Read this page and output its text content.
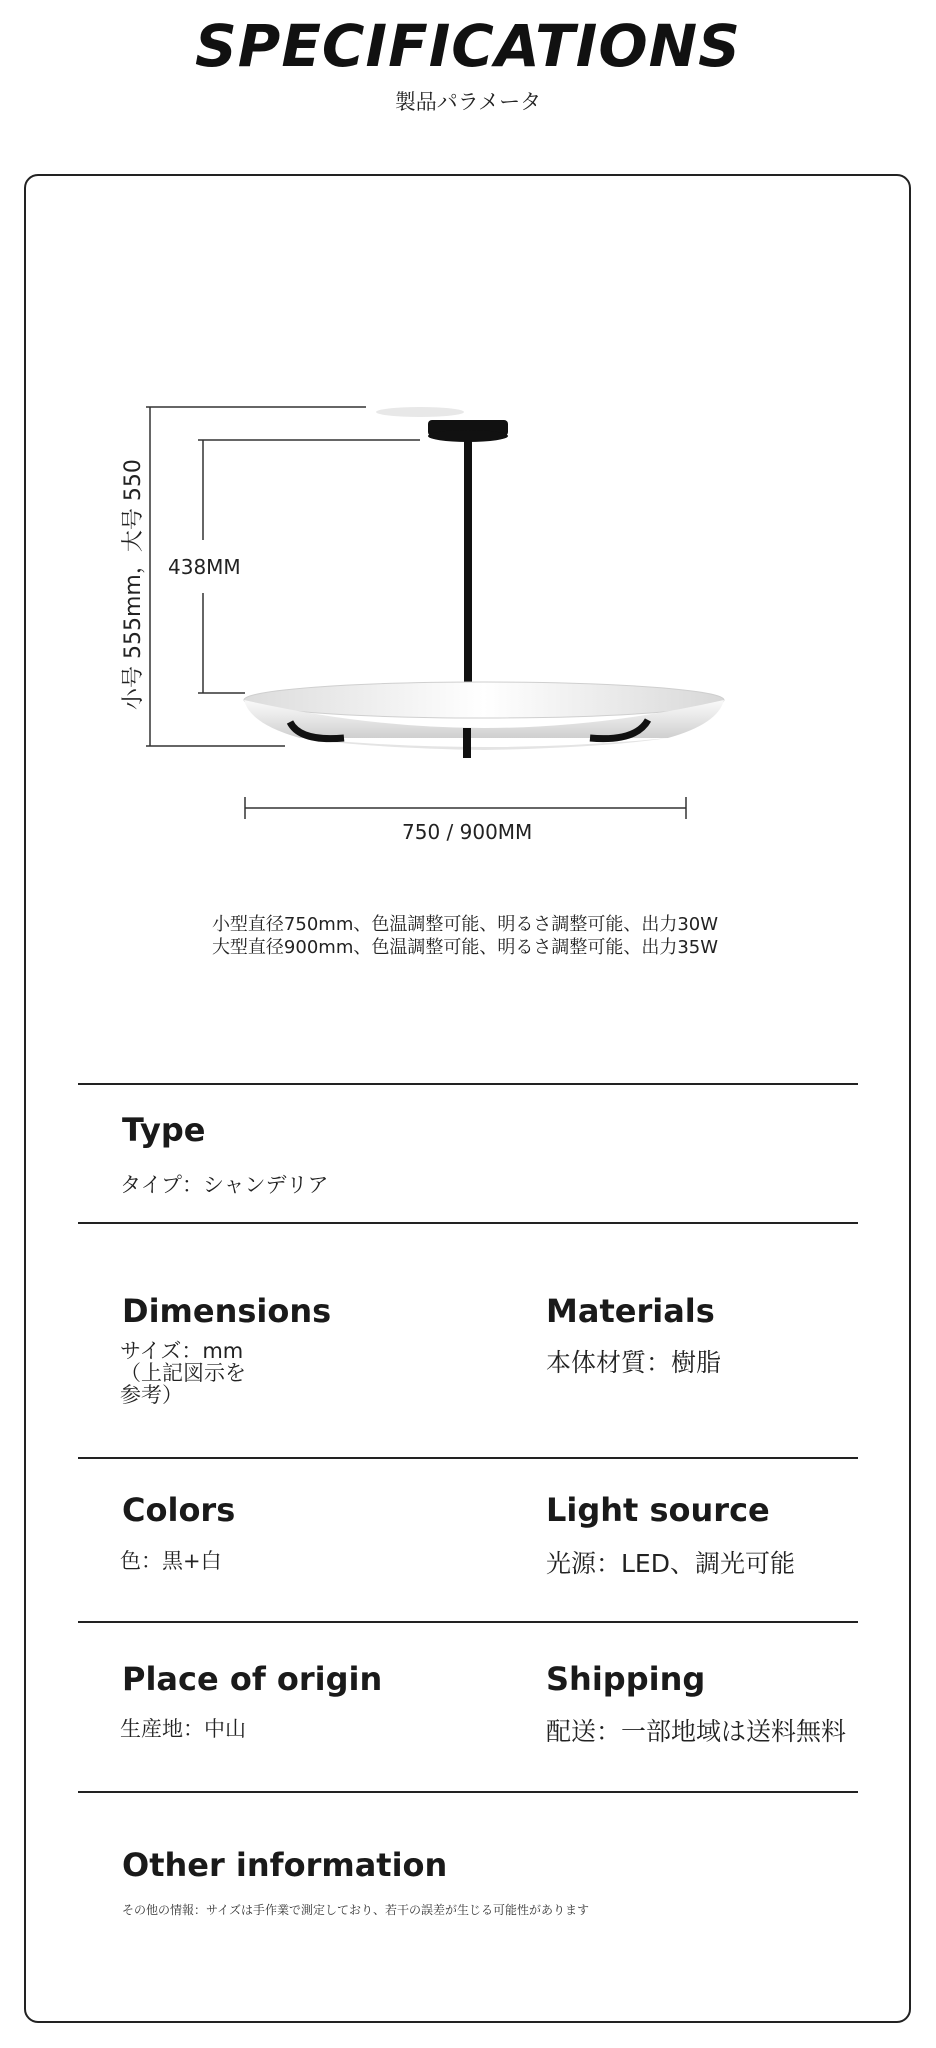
SPECIFICATIONS
製品パラメータ
438MM
750 / 900MM
小号 555mm，大号 550
小型直径750mm、色温調整可能、明るさ調整可能、出力30W
大型直径900mm、色温調整可能、明るさ調整可能、出力35W
Type
タイプ：シャンデリア
Dimensions
サイズ：mm （上記図示を参考）
Materials
本体材質：樹脂
Colors
色：黒+白
Light source
光源：LED、調光可能
Place of origin
生産地：中山
Shipping
配送：一部地域は送料無料
Other information
その他の情報：サイズは手作業で測定しており、若干の誤差が生じる可能性があります
